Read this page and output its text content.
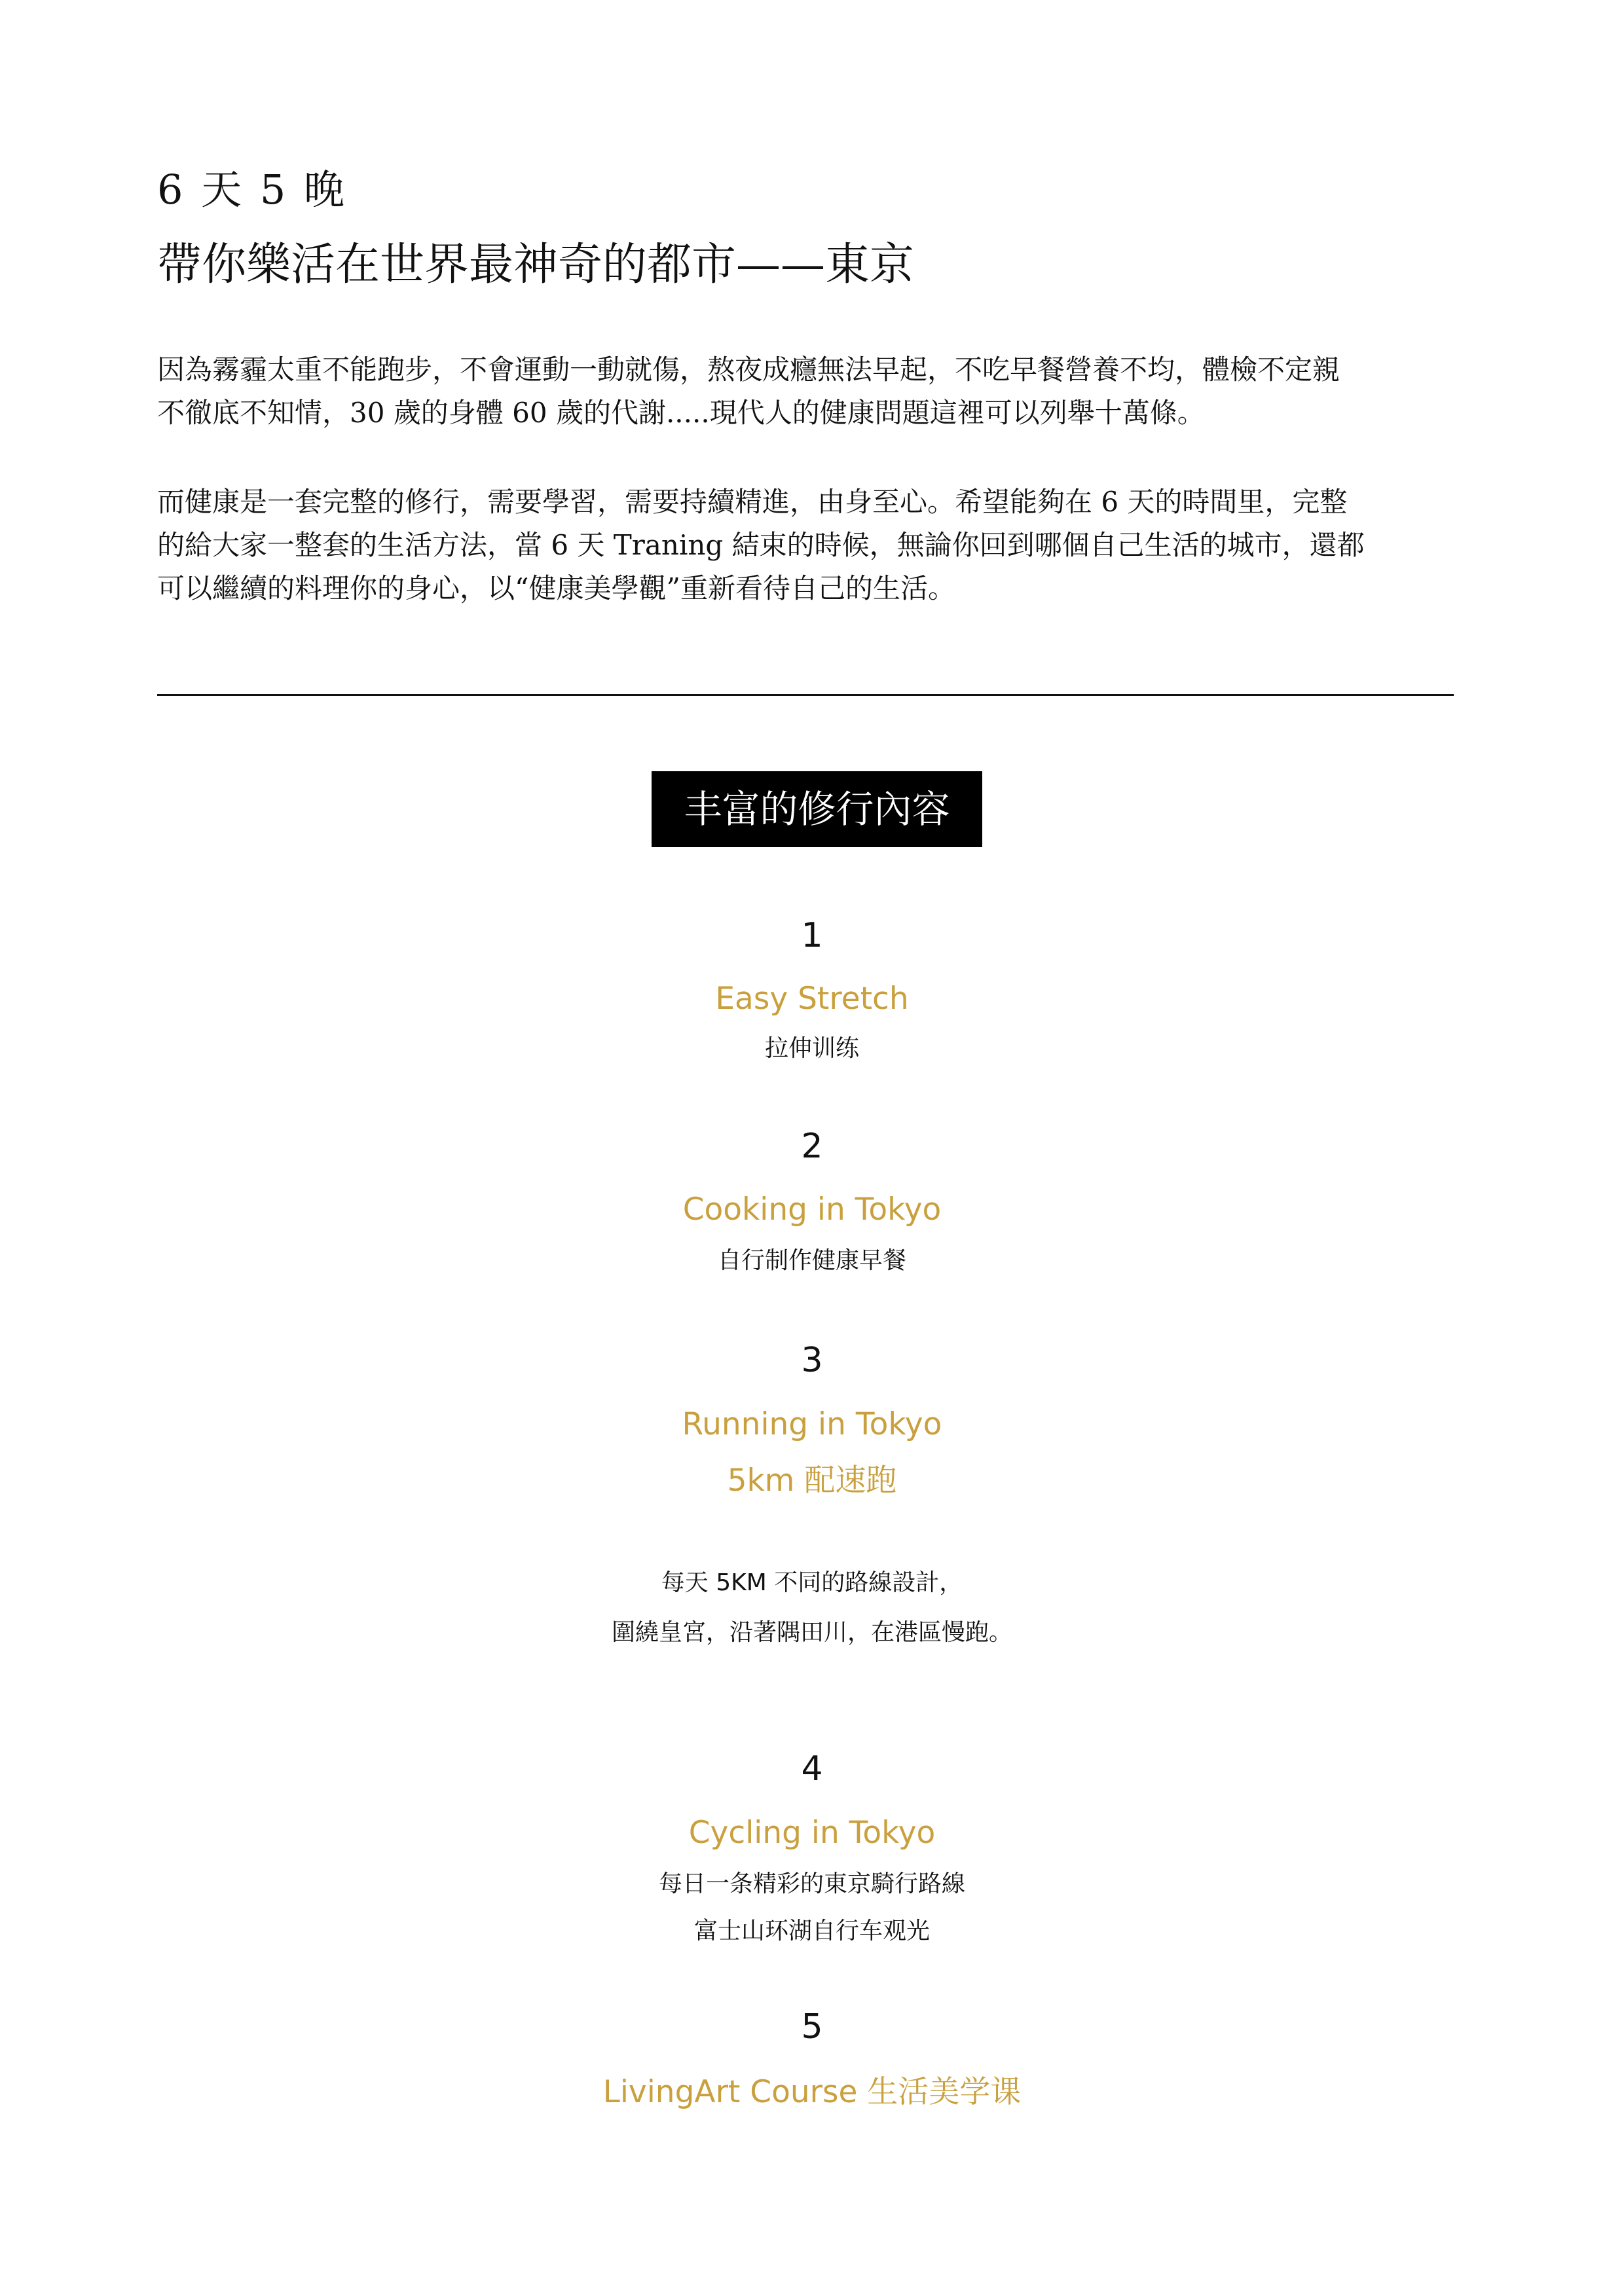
6 天 5 晚
帶你樂活在世界最神奇的都市——東京
因為霧霾太重不能跑步，不會運動一動就傷，熬夜成癮無法早起，不吃早餐營養不均，體檢不定親
不徹底不知情，30 歲的身體 60 歲的代謝.....現代人的健康問題這裡可以列舉十萬條。
而健康是一套完整的修行，需要學習，需要持續精進，由身至心。希望能夠在 6 天的時間里，完整
的給大家一整套的生活方法，當 6 天 Traning 結束的時候，無論你回到哪個自己生活的城市，還都
可以繼續的料理你的身心，以“健康美學觀”重新看待自己的生活。
丰富的修行內容
1
Easy Stretch
拉伸训练
2
Cooking in Tokyo
自行制作健康早餐
3
Running in Tokyo
5km 配速跑
每天 5KM 不同的路線設計，
圍繞皇宮，沿著隅田川，在港區慢跑。
4
Cycling in Tokyo
每日一条精彩的東京騎行路線
富士山环湖自行车观光
5
LivingArt Course 生活美学课
